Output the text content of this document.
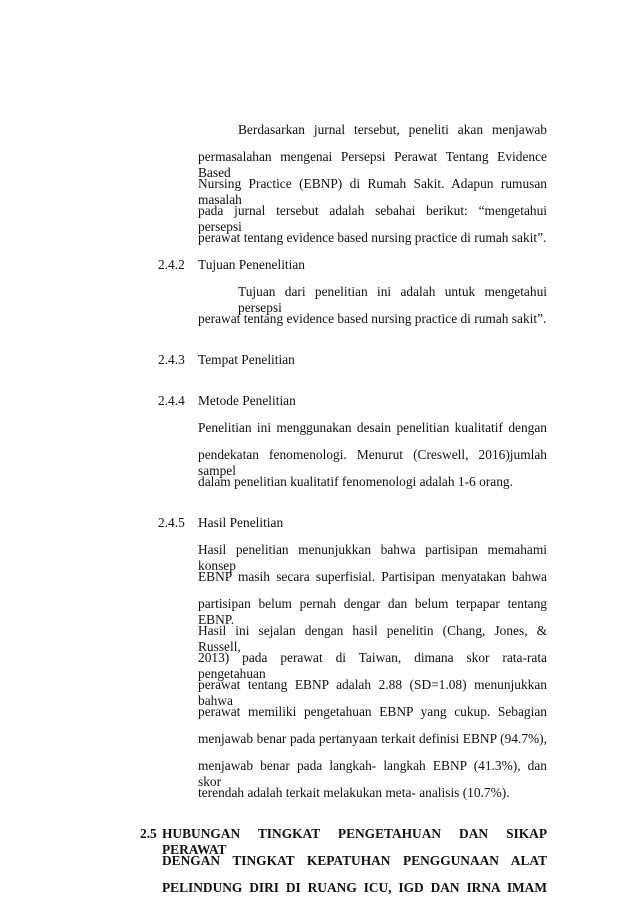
Berdasarkan jurnal tersebut, peneliti akan menjawab
permasalahan mengenai Persepsi Perawat Tentang Evidence Based
Nursing Practice (EBNP) di Rumah Sakit. Adapun rumusan masalah
pada jurnal tersebut adalah sebahai berikut: “mengetahui persepsi
perawat tentang evidence based nursing practice di rumah sakit”.
2.4.2 Tujuan Penenelitian
Tujuan dari penelitian ini adalah untuk mengetahui persepsi
perawat tentang evidence based nursing practice di rumah sakit”.
2.4.3 Tempat Penelitian
2.4.4 Metode Penelitian
Penelitian ini menggunakan desain penelitian kualitatif dengan
pendekatan fenomenologi. Menurut (Creswell, 2016)jumlah sampel
dalam penelitian kualitatif fenomenologi adalah 1-6 orang.
2.4.5 Hasil Penelitian
Hasil penelitian menunjukkan bahwa partisipan memahami konsep
EBNP masih secara superfisial. Partisipan menyatakan bahwa
partisipan belum pernah dengar dan belum terpapar tentang EBNP.
Hasil ini sejalan dengan hasil penelitin (Chang, Jones, & Russell,
2013) pada perawat di Taiwan, dimana skor rata-rata pengetahuan
perawat tentang EBNP adalah 2.88 (SD=1.08) menunjukkan bahwa
perawat memiliki pengetahuan EBNP yang cukup. Sebagian
menjawab benar pada pertanyaan terkait definisi EBNP (94.7%),
menjawab benar pada langkah- langkah EBNP (41.3%), dan skor
terendah adalah terkait melakukan meta- analisis (10.7%).
2.5 HUBUNGAN TINGKAT PENGETAHUAN DAN SIKAP PERAWAT
DENGAN TINGKAT KEPATUHAN PENGGUNAAN ALAT
PELINDUNG DIRI DI RUANG ICU, IGD DAN IRNA IMAM
